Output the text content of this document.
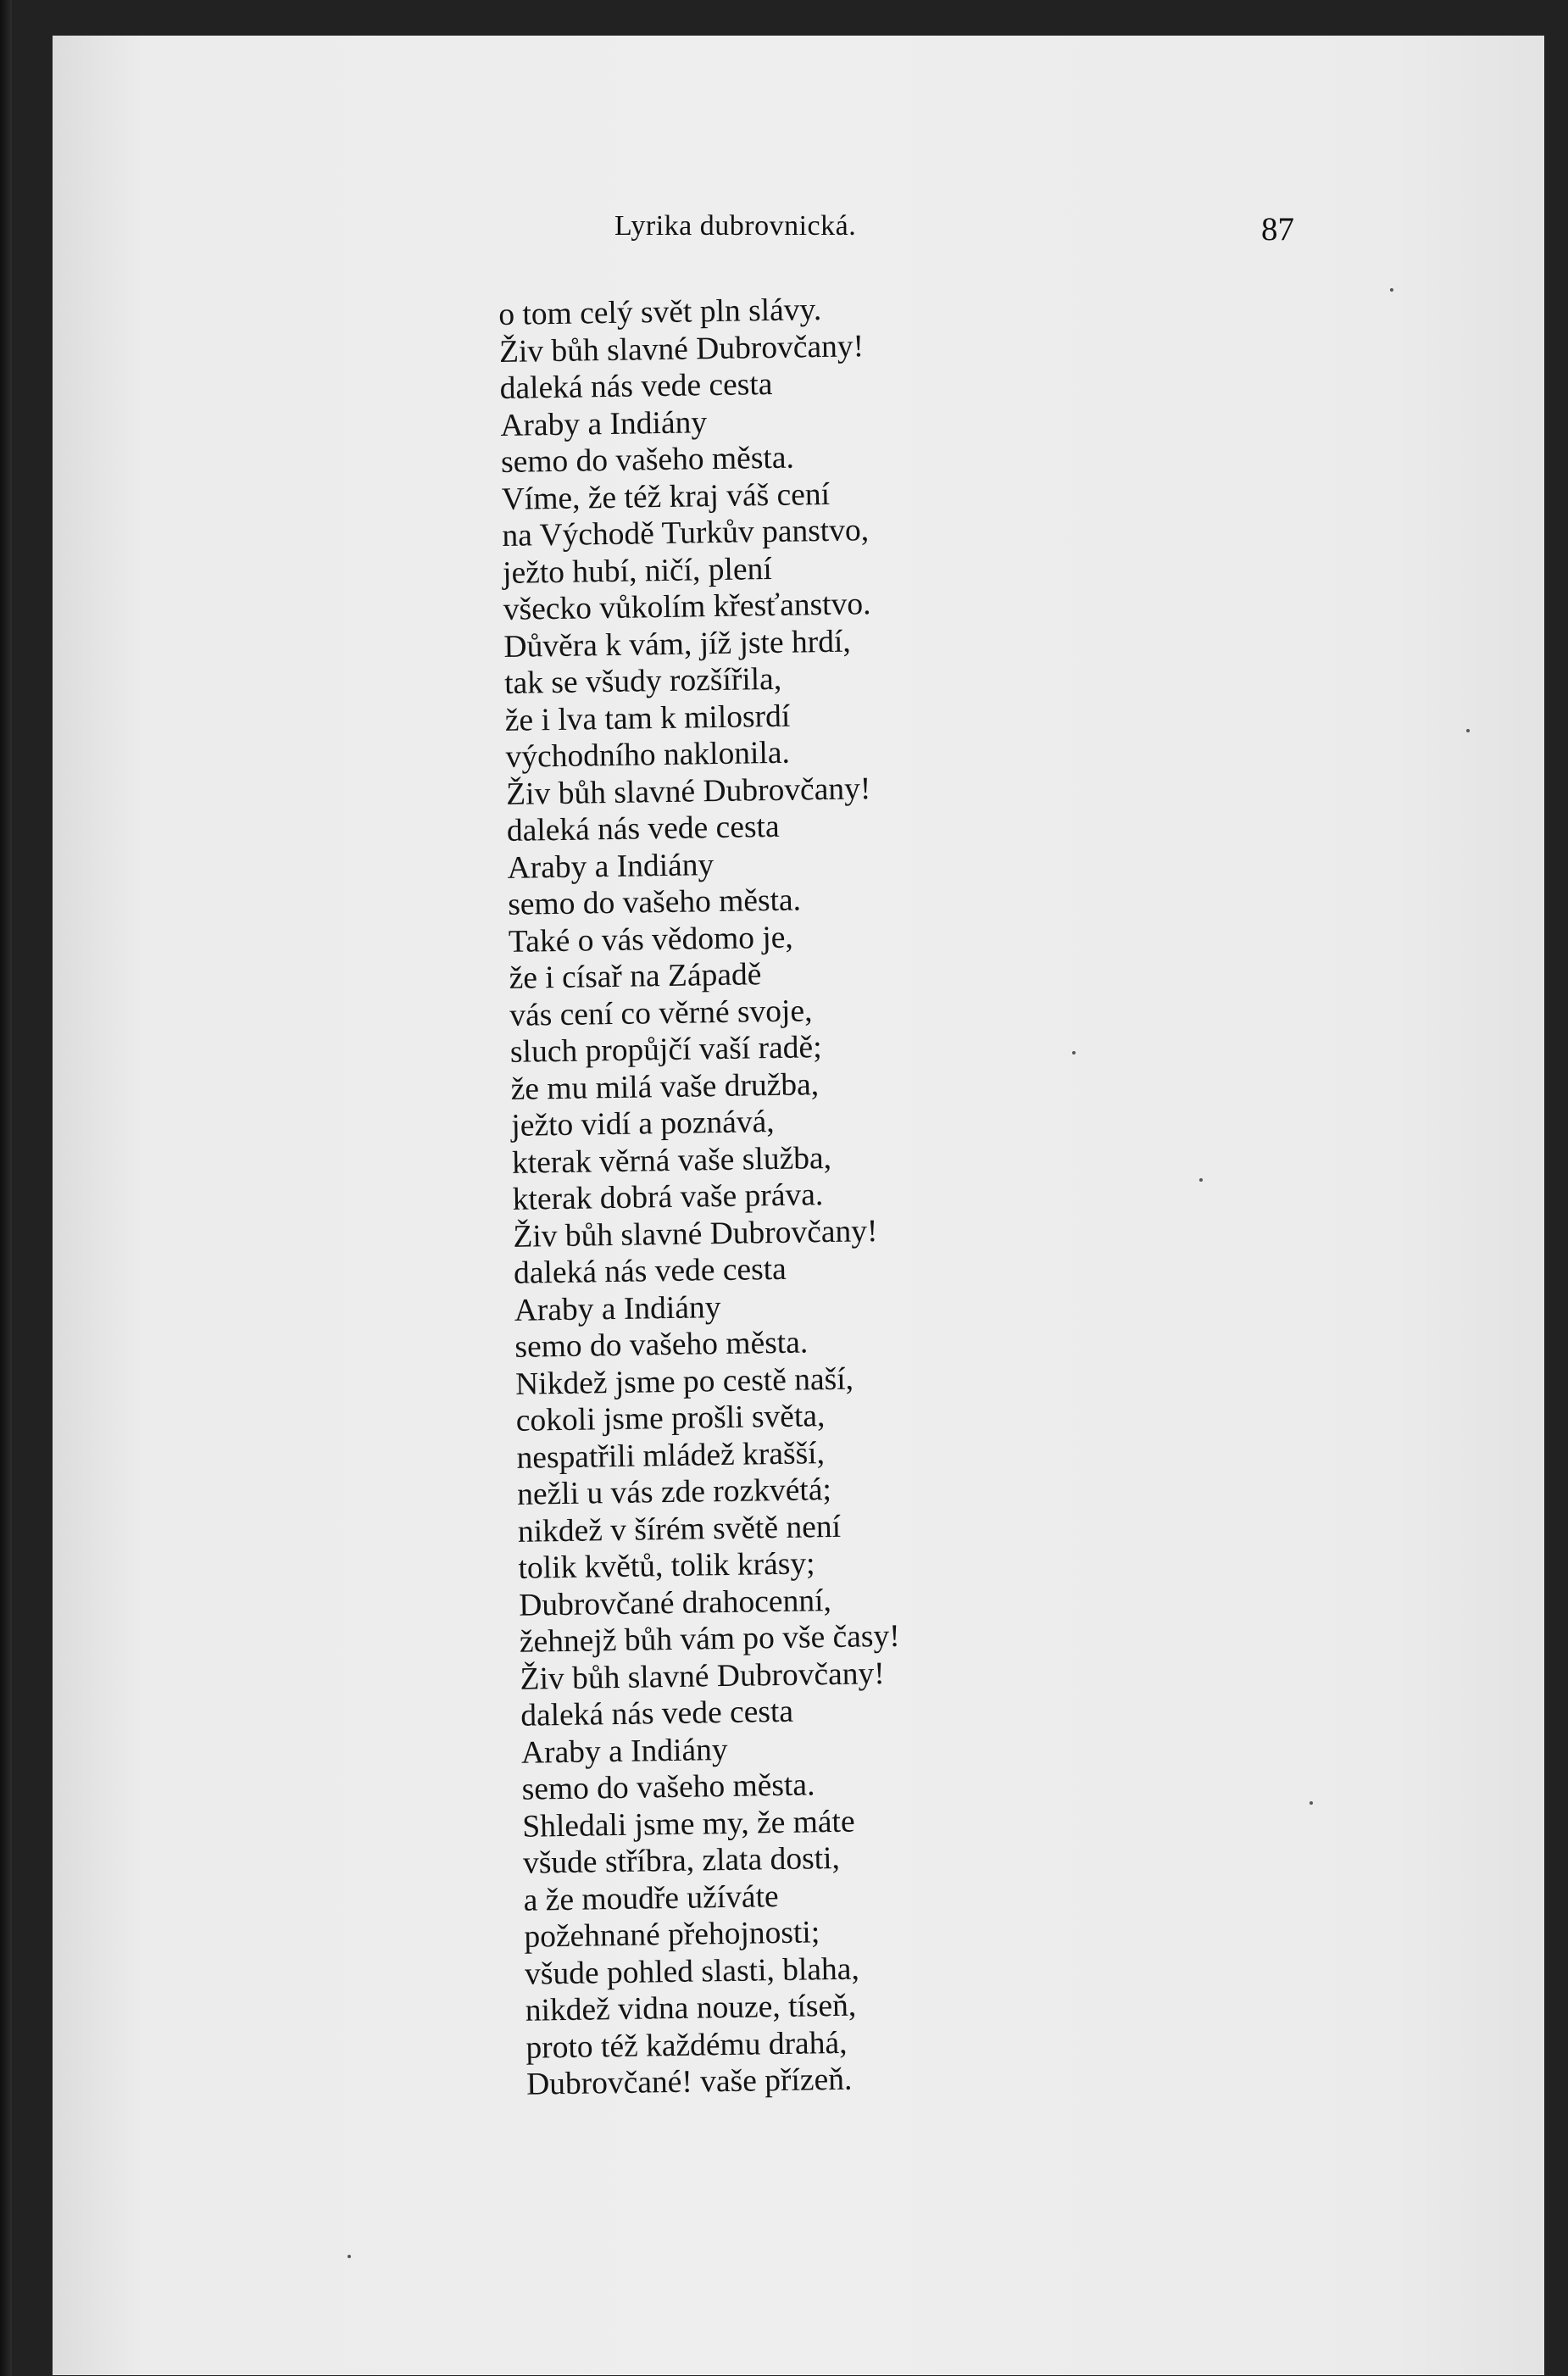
Lyrika dubrovnická.	87
o tom celý svět pln slávy.
Živ bůh slavné Dubrovčany!
daleká nás vede cesta
Araby a Indiány
semo do vašeho města.
Víme, že též kraj váš cení
na Východě Turkův panstvo,
ježto hubí, ničí, plení
všecko vůkolím křesťanstvo.
Důvěra k vám, jíž jste hrdí,
tak se všudy rozšířila,
že i lva tam k milosrdí
východního naklonila.
Živ bůh slavné Dubrovčany!
daleká nás vede cesta
Araby a Indiány
semo do vašeho města.
Také o vás vědomo je,
že i císař na Západě
vás cení co věrné svoje,
sluch propůjčí vaší radě;
že mu milá vaše družba,
ježto vidí a poznává,
kterak věrná vaše služba,
kterak dobrá vaše práva.
Živ bůh slavné Dubrovčany!
daleká nás vede cesta
Araby a Indiány
semo do vašeho města.
Nikdež jsme po cestě naší,
cokoli jsme prošli světa,
nespatřili mládež krašší,
nežli u vás zde rozkvétá;
nikdež v šírém světě není
tolik květů, tolik krásy;
Dubrovčané drahocenní,
žehnejž bůh vám po vše časy!
Živ bůh slavné Dubrovčany!
daleká nás vede cesta
Araby a Indiány
semo do vašeho města.
Shledali jsme my, že máte
všude stříbra, zlata dosti,
a že moudře užíváte
požehnané přehojnosti;
všude pohled slasti, blaha,
nikdež vidna nouze, tíseň,
proto též každému drahá,
Dubrovčané! vaše přízeň.
